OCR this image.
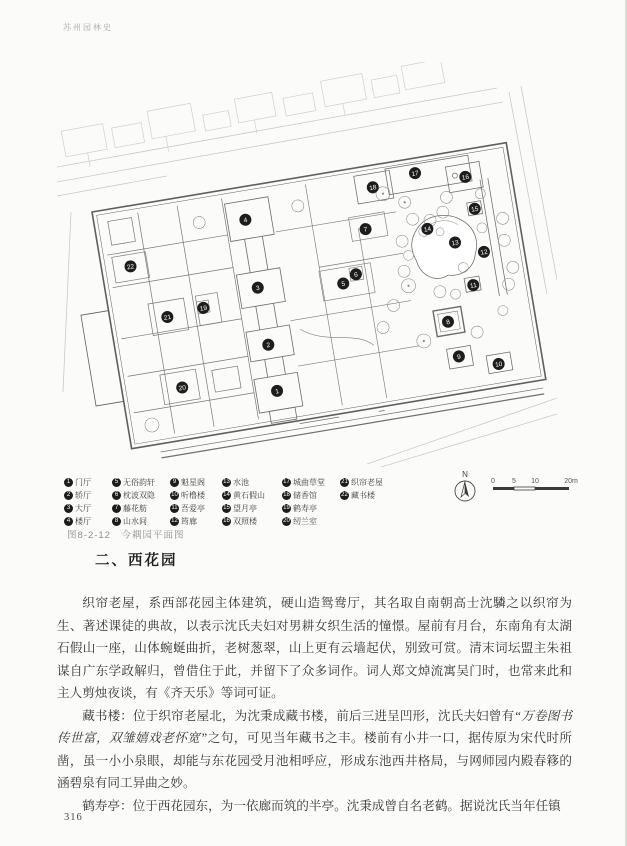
苏州园林史
1
2
3
4
5
6
7
8
9
10
11
12
13
14
15
16
17
18
19
20
21
22
1 门厅
2 轿厅
3 大厅
4 楼厅
5 无俗韵轩
6 枕波双隐
7 藤花舫
8 山水间
9 魁星阁
10 听橹楼
11 吾爱亭
12 筠廊
13 水池
14 黄石假山
15 望月亭
16 双照楼
17 城曲草堂
18 储香馆
19 鹤寿亭
20 纫兰室
21 织帘老屋
22 藏书楼
N
0 5 10	20m
图8-2-12　今耦园平面图
二、西花园

织帘老屋，系西部花园主体建筑，硬山造鸳鸯厅，其名取自南朝高士沈驎之以织帘为生、著述课徒的典故，以表示沈氏夫妇对男耕女织生活的憧憬。屋前有月台，东南角有太湖石假山一座，山体蜿蜒曲折，老树葱翠，山上更有云墙起伏，别致可赏。清末词坛盟主朱祖谋自广东学政解归，曾借住于此，并留下了众多词作。词人郑文焯流寓吴门时，也常来此和主人剪烛夜谈，有《齐天乐》等词可证。

藏书楼：位于织帘老屋北，为沈秉成藏书楼，前后三进呈凹形，沈氏夫妇曾有“万卷图书传世富，双雏嬉戏老怀宽”之句，可见当年藏书之丰。楼前有小井一口，据传原为宋代时所凿，虽一小小泉眼，却能与东花园受月池相呼应，形成东池西井格局，与网师园内殿春簃的涵碧泉有同工异曲之妙。

鹤寿亭：位于西花园东，为一依廊而筑的半亭。沈秉成曾自名老鹤。据说沈氏当年任镇

316
